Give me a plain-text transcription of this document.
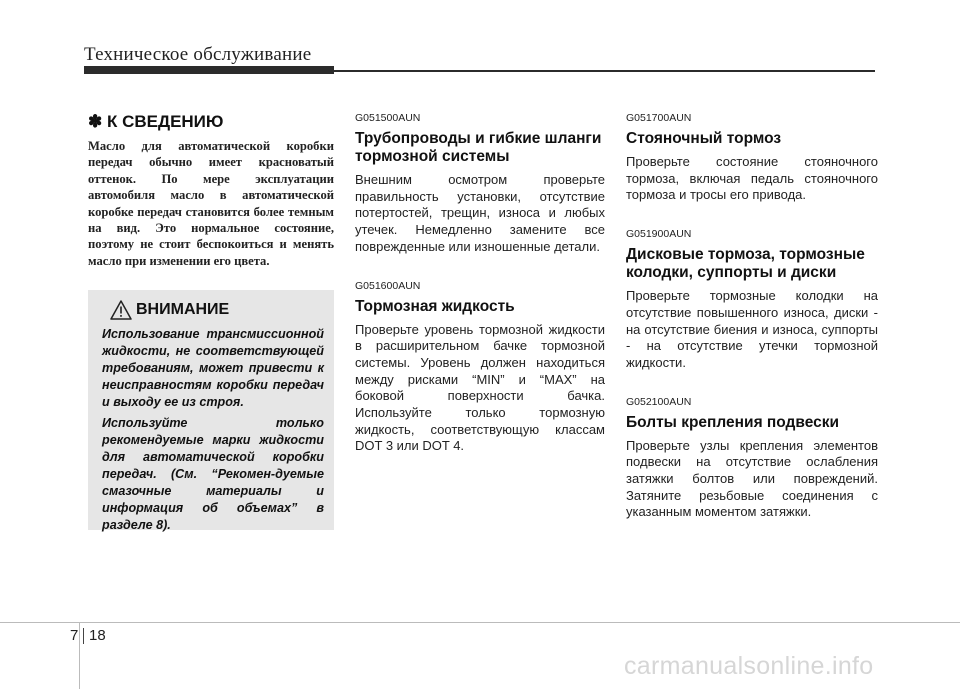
Техническое обслуживание
✽ К СВЕДЕНИЮ
Масло для автоматической коробки передач обычно имеет красноватый оттенок. По мере эксплуатации автомобиля масло в автоматической коробке передач становится более темным на вид. Это нормальное состояние, поэтому не стоит беспокоиться и менять масло при изменении его цвета.
ВНИМАНИЕ

Использование трансмиссионной жидкости, не соответствующей требованиям, может привести к неисправностям коробки передач и выходу ее из строя.

Используйте только рекомендуемые марки жидкости для автоматической коробки передач. (См. “Рекомен-дуемые смазочные материалы и информация об объемах” в разделе 8).

G051500AUN
Трубопроводы и гибкие шланги тормозной системы
Внешним осмотром проверьте правильность установки, отсутствие потертостей, трещин, износа и любых утечек. Немедленно замените все поврежденные или изношенные детали.
G051600AUN
Тормозная жидкость
Проверьте уровень тормозной жидкости в расширительном бачке тормозной системы. Уровень должен находиться между рисками “MIN” и “MAX” на боковой поверхности бачка. Используйте только тормозную жидкость, соответствующую классам DOT 3 или DOT 4.
G051700AUN
Стояночный тормоз
Проверьте состояние стояночного тормоза, включая педаль стояночного тормоза и тросы его привода.
G051900AUN
Дисковые тормоза, тормозные колодки, суппорты и диски
Проверьте тормозные колодки на отсутствие повышенного износа, диски - на отсутствие биения и износа, суппорты - на отсутствие утечки тормозной жидкости.
G052100AUN
Болты крепления подвески
Проверьте узлы крепления элементов подвески на отсутствие ослабления затяжки болтов или повреждений. Затяните резьбовые соединения с указанным моментом затяжки.
7 18
carmanualsonline.info
